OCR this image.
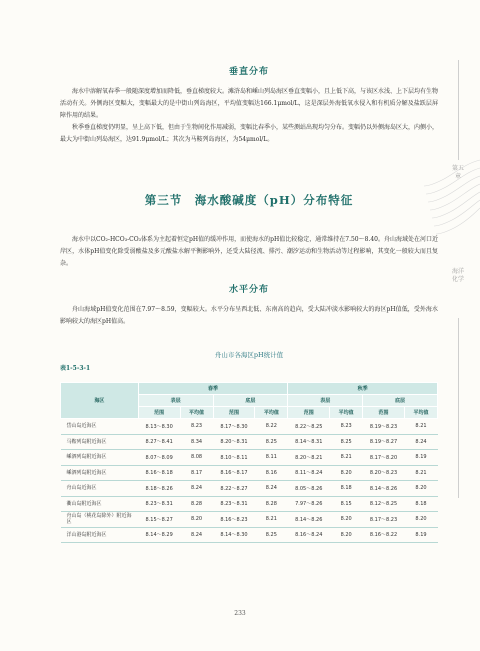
垂直分布

海水中溶解氧春季一般随深度增加而降低，垂直梯度较大。滩浒岛和嵊山列岛海区垂直变幅小，且上低下高，与该区水浅、上下层均有生物活动有关。外侧海区变幅大，变幅最大的是中街山列岛海区，平均值变幅达166.1μmol/L，这是深层外海低氧水侵入和有机质分解及盐跃层屏障作用的结果。

秋季垂直梯度仍明显，呈上高下低，但由于生物间化作用减弱，变幅比春季小，某些测站出现均匀分布。变幅仍以外侧海岛区大，内侧小，最大为中街山列岛海区，达91.9μmol/L；其次为马鞍列岛海区，为54μmol/L。

第三节　海水酸碱度（pH）分布特征

海水中以CO₂-HCO₃-CO₃体系为主起着恒定pH值的缓冲作用，而使海水的pH值比较稳定，通常维持在7.50～8.40。舟山海域处在河口近岸区，水体pH值变化除受弱酸盐及多元酸盐水解平衡影响外，还受大陆径流、排污、潮汐运动和生物活动等过程影响，其变化一般较大而且复杂。

水平分布

舟山海域pH值变化范围在7.97～8.59，变幅较大。水平分布呈西北低、东南高的趋向，受大陆冲淡水影响较大的海区pH值低，受外海水影响较大的海区pH值高。

舟山市各海区pH统计值

表1-5-3-1

海区	春季				秋季			
	表层		底层		表层		底层	
	范围	平均值	范围	平均值	范围	平均值	范围	平均值
岱山岛近海区	8.13～8.30	8.23	8.17～8.30	8.22	8.22～8.25	8.23	8.19～8.23	8.21
马鞍列岛附近海区	8.27～8.41	8.34	8.20～8.31	8.25	8.14～8.31	8.25	8.19～8.27	8.24
嵊泗列岛附近海区	8.07～8.09	8.08	8.10～8.11	8.11	8.20～8.21	8.21	8.17～8.20	8.19
嵊泗列岛附近海区	8.16～8.18	8.17	8.16～8.17	8.16	8.11～8.24	8.20	8.20～8.23	8.21
舟山岛近海区	8.18～8.26	8.24	8.22～8.27	8.24	8.05～8.26	8.18	8.14～8.26	8.20
衢山岛附近海区	8.23～8.31	8.28	8.23～8.31	8.28	7.97～8.26	8.15	8.12～8.25	8.18
舟山岛（桃花岛除外）附近海区	8.15～8.27	8.20	8.16～8.23	8.21	8.14～8.26	8.20	8.17～8.23	8.20
洋山港岛附近海区	8.14～8.29	8.24	8.14～8.30	8.25	8.16～8.24	8.20	8.16～8.22	8.19
第五章
海洋化学
233
